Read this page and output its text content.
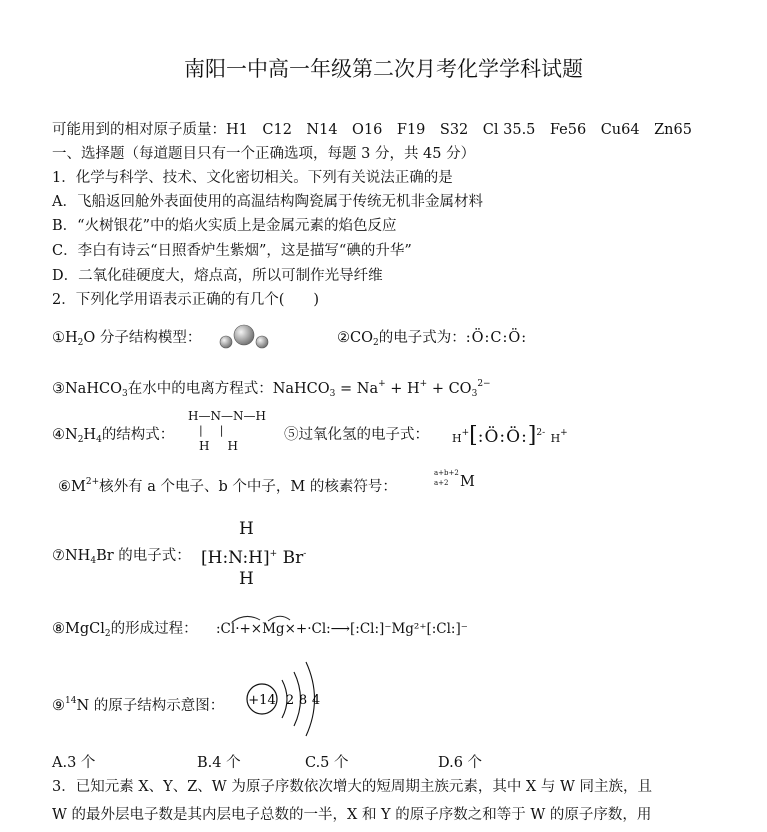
南阳一中高一年级第二次月考化学学科试题
可能用到的相对原子质量：H1　C12　N14　O16　F19　S32　Cl 35.5　Fe56　Cu64　Zn65
一、选择题（每道题目只有一个正确选项，每题 3 分，共 45 分）
1．化学与科学、技术、文化密切相关。下列有关说法正确的是
A．飞船返回舱外表面使用的高温结构陶瓷属于传统无机非金属材料
B．“火树银花”中的焰火实质上是金属元素的焰色反应
C．李白有诗云“日照香炉生紫烟”，这是描写“碘的升华”
D．二氧化硅硬度大，熔点高，所以可制作光导纤维
2．下列化学用语表示正确的有几个(　　)
$①H_2O$ 分子结构模型：	$②CO_2$的电子式为：:Ö:C:Ö:
③NaHCO$_3$在水中的电离方程式：NaHCO$_3$ = $Na^+ + H^+ + CO_3^{2-}$
$④N_2H_4$的结构式：
H—N—N—H
|　|
H　H
⑤过氧化氢的电子式： H+[:Ö:Ö:]$^{2-}$ H+
$⑥M^{2+}$核外有 a 个电子、b 个中子，M 的核素符号：
a+b+2
a+2 M
$⑦NH_4Br$ 的电子式：
H
[H:N:H]+ Br-
H
⑧MgCl$_2$的形成过程： :Cl·+×Mg×+·Cl:⟶[:Cl:]⁻Mg²⁺[:Cl:]⁻
⑨$^{14}$N 的原子结构示意图： +14 2 8 4
A.3 个	B.4 个	C.5 个	D.6 个
3．已知元素 X、Y、Z、W 为原子序数依次增大的短周期主族元素，其中 X 与 W 同主族，且
W 的最外层电子数是其内层电子总数的一半，X 和 Y 的原子序数之和等于 W 的原子序数，用
